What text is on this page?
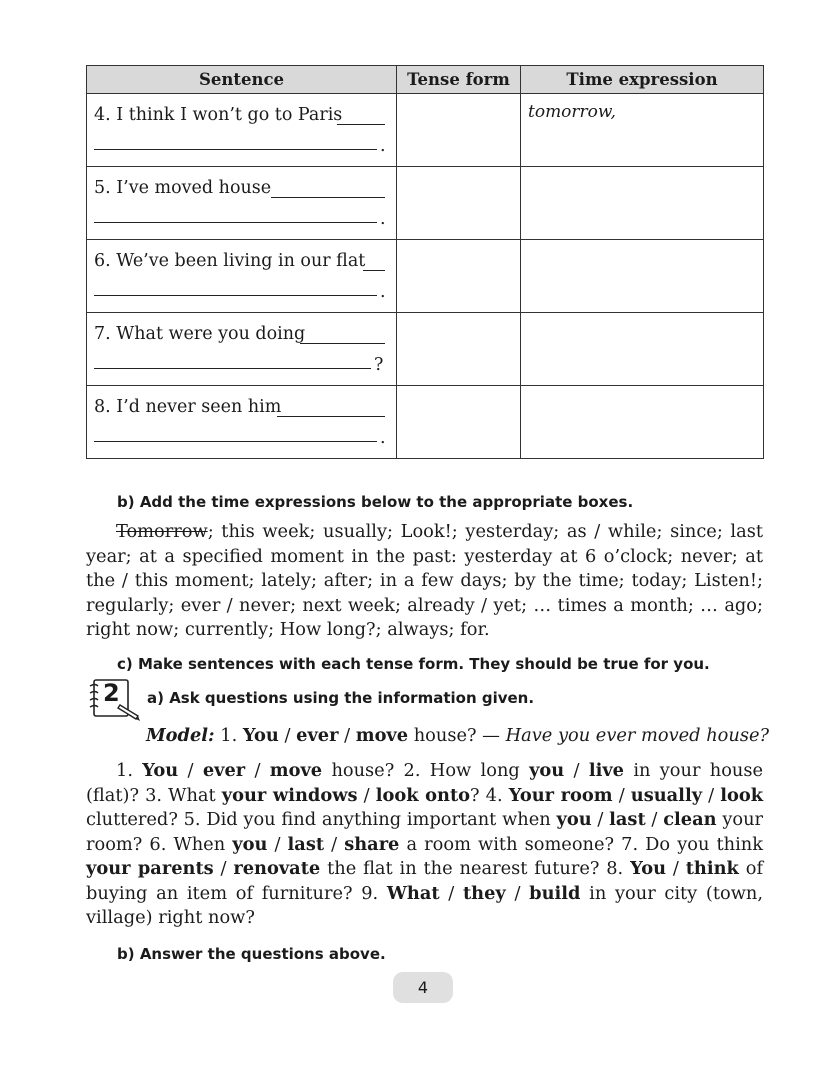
Sentence	Tense form	Time expression

4. I think I won’t go to Paris
.		tomorrow,

5. I’ve moved house
.		

6. We’ve been living in our flat
.		

7. What were you doing
?		

8. I’d never seen him
.		

b) Add the time expressions below to the appropriate boxes.

Tomorrow; this week; usually; Look!; yesterday; as / while; since; last year; at a specified moment in the past: yesterday at 6 o’clock; never; at the / this moment; lately; after; in a few days; by the time; today; Listen!; regularly; ever / never; next week; already / yet; … times a month; … ago; right now; currently; How long?; always; for.

c) Make sentences with each tense form. They should be true for you.
2 a) Ask questions using the information given.
Model: 1. You / ever / move house? — Have you ever moved house?

1. You / ever / move house? 2. How long you / live in your house (flat)? 3. What your windows / look onto? 4. Your room / usually / look cluttered? 5. Did you find anything important when you / last / clean your room? 6. When you / last / share a room with someone? 7. Do you think your parents / renovate the flat in the nearest future? 8. You / think of buying an item of furniture? 9. What / they / build in your city (town, village) right now?

b) Answer the questions above.
4
